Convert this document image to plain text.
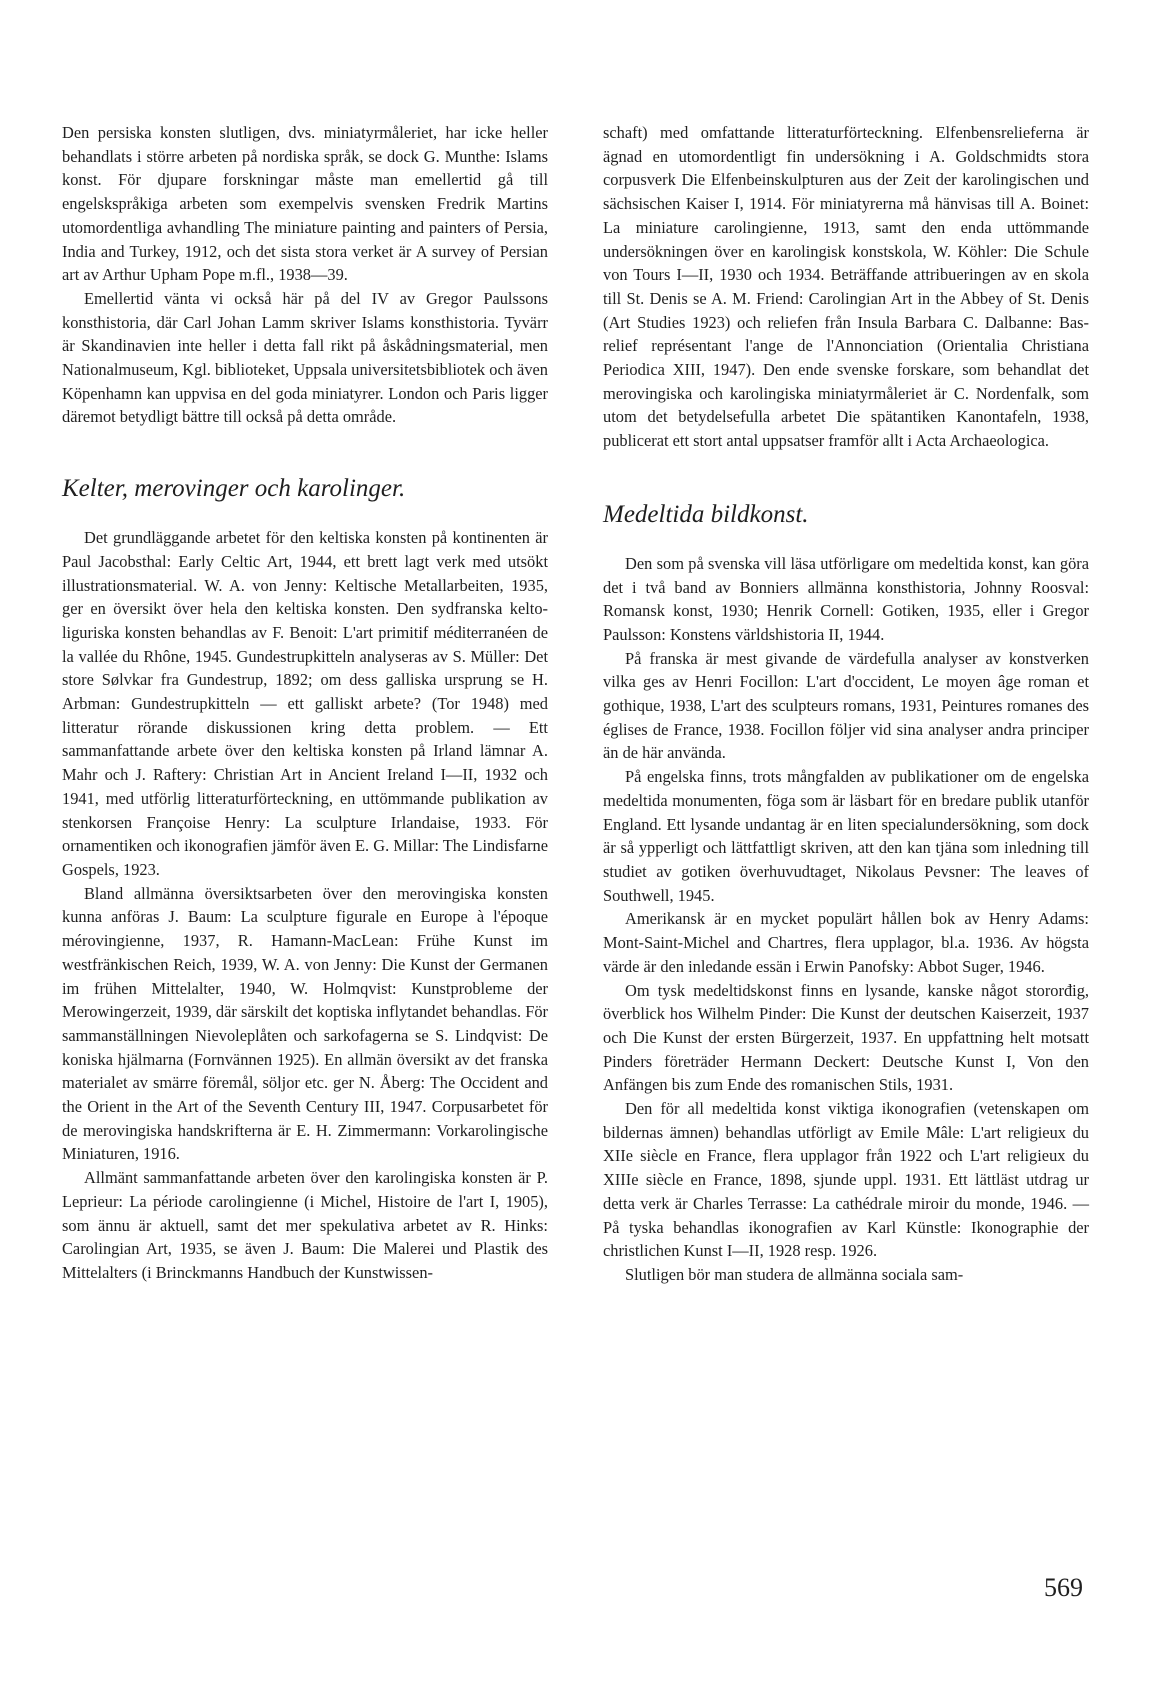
Den persiska konsten slutligen, dvs. miniatyrmåleriet, har icke heller behandlats i större arbeten på nordiska språk, se dock G. Munthe: Islams konst. För djupare forskningar måste man emellertid gå till engelskspråkiga arbeten som exempelvis svensken Fredrik Martins utomordentliga avhandling The miniature painting and painters of Persia, India and Turkey, 1912, och det sista stora verket är A survey of Persian art av Arthur Upham Pope m.fl., 1938—39.

Emellertid vänta vi också här på del IV av Gregor Paulssons konsthistoria, där Carl Johan Lamm skriver Islams konsthistoria. Tyvärr är Skandinavien inte heller i detta fall rikt på åskådningsmaterial, men Nationalmuseum, Kgl. biblioteket, Uppsala universitetsbibliotek och även Köpenhamn kan uppvisa en del goda miniatyrer. London och Paris ligger däremot betydligt bättre till också på detta område.

Kelter, merovinger och karolinger.

Det grundläggande arbetet för den keltiska konsten på kontinenten är Paul Jacobsthal: Early Celtic Art, 1944, ett brett lagt verk med utsökt illustrationsmaterial. W. A. von Jenny: Keltische Metallarbeiten, 1935, ger en översikt över hela den keltiska konsten. Den sydfranska kelto-liguriska konsten behandlas av F. Benoit: L'art primitif méditerranéen de la vallée du Rhône, 1945. Gundestrupkitteln analyseras av S. Müller: Det store Sølvkar fra Gundestrup, 1892; om dess galliska ursprung se H. Arbman: Gundestrupkitteln — ett galliskt arbete? (Tor 1948) med litteratur rörande diskussionen kring detta problem. — Ett sammanfattande arbete över den keltiska konsten på Irland lämnar A. Mahr och J. Raftery: Christian Art in Ancient Ireland I—II, 1932 och 1941, med utförlig litteraturförteckning, en uttömmande publikation av stenkorsen Françoise Henry: La sculpture Irlandaise, 1933. För ornamentiken och ikonografien jämför även E. G. Millar: The Lindisfarne Gospels, 1923.

Bland allmänna översiktsarbeten över den merovingiska konsten kunna anföras J. Baum: La sculpture figurale en Europe à l'époque mérovingienne, 1937, R. Hamann-MacLean: Frühe Kunst im westfränkischen Reich, 1939, W. A. von Jenny: Die Kunst der Germanen im frühen Mittelalter, 1940, W. Holmqvist: Kunstprobleme der Merowingerzeit, 1939, där särskilt det koptiska inflytandet behandlas. För sammanställningen Nievoleplåten och sarkofagerna se S. Lindqvist: De koniska hjälmarna (Fornvännen 1925). En allmän översikt av det franska materialet av smärre föremål, söljor etc. ger N. Åberg: The Occident and the Orient in the Art of the Seventh Century III, 1947. Corpusarbetet för de merovingiska handskrifterna är E. H. Zimmermann: Vorkarolingische Miniaturen, 1916.

Allmänt sammanfattande arbeten över den karolingiska konsten är P. Leprieur: La période carolingienne (i Michel, Histoire de l'art I, 1905), som ännu är aktuell, samt det mer spekulativa arbetet av R. Hinks: Carolingian Art, 1935, se även J. Baum: Die Malerei und Plastik des Mittelalters (i Brinckmanns Handbuch der Kunstwissen-

schaft) med omfattande litteraturförteckning. Elfenbensrelieferna är ägnad en utomordentligt fin undersökning i A. Goldschmidts stora corpusverk Die Elfenbeinskulpturen aus der Zeit der karolingischen und sächsischen Kaiser I, 1914. För miniatyrerna må hänvisas till A. Boinet: La miniature carolingienne, 1913, samt den enda uttömmande undersökningen över en karolingisk konstskola, W. Köhler: Die Schule von Tours I—II, 1930 och 1934. Beträffande attribueringen av en skola till St. Denis se A. M. Friend: Carolingian Art in the Abbey of St. Denis (Art Studies 1923) och reliefen från Insula Barbara C. Dalbanne: Bas-relief représentant l'ange de l'Annonciation (Orientalia Christiana Periodica XIII, 1947). Den ende svenske forskare, som behandlat det merovingiska och karolingiska miniatyrmåleriet är C. Nordenfalk, som utom det betydelsefulla arbetet Die spätantiken Kanontafeln, 1938, publicerat ett stort antal uppsatser framför allt i Acta Archaeologica.

Medeltida bildkonst.

Den som på svenska vill läsa utförligare om medeltida konst, kan göra det i två band av Bonniers allmänna konsthistoria, Johnny Roosval: Romansk konst, 1930; Henrik Cornell: Gotiken, 1935, eller i Gregor Paulsson: Konstens världshistoria II, 1944.

På franska är mest givande de värdefulla analyser av konstverken vilka ges av Henri Focillon: L'art d'occident, Le moyen âge roman et gothique, 1938, L'art des sculpteurs romans, 1931, Peintures romanes des églises de France, 1938. Focillon följer vid sina analyser andra principer än de här använda.

På engelska finns, trots mångfalden av publikationer om de engelska medeltida monumenten, föga som är läsbart för en bredare publik utanför England. Ett lysande undantag är en liten specialundersökning, som dock är så ypperligt och lättfattligt skriven, att den kan tjäna som inledning till studiet av gotiken överhuvudtaget, Nikolaus Pevsner: The leaves of Southwell, 1945.

Amerikansk är en mycket populärt hållen bok av Henry Adams: Mont-Saint-Michel and Chartres, flera upplagor, bl.a. 1936. Av högsta värde är den inledande essän i Erwin Panofsky: Abbot Suger, 1946.

Om tysk medeltidskonst finns en lysande, kanske något stororđig, överblick hos Wilhelm Pinder: Die Kunst der deutschen Kaiserzeit, 1937 och Die Kunst der ersten Bürgerzeit, 1937. En uppfattning helt motsatt Pinders företräder Hermann Deckert: Deutsche Kunst I, Von den Anfängen bis zum Ende des romanischen Stils, 1931.

Den för all medeltida konst viktiga ikonografien (vetenskapen om bildernas ämnen) behandlas utförligt av Emile Mâle: L'art religieux du XIIe siècle en France, flera upplagor från 1922 och L'art religieux du XIIIe siècle en France, 1898, sjunde uppl. 1931. Ett lättläst utdrag ur detta verk är Charles Terrasse: La cathédrale miroir du monde, 1946. — På tyska behandlas ikonografien av Karl Künstle: Ikonographie der christlichen Kunst I—II, 1928 resp. 1926.

Slutligen bör man studera de allmänna sociala sam-

569
